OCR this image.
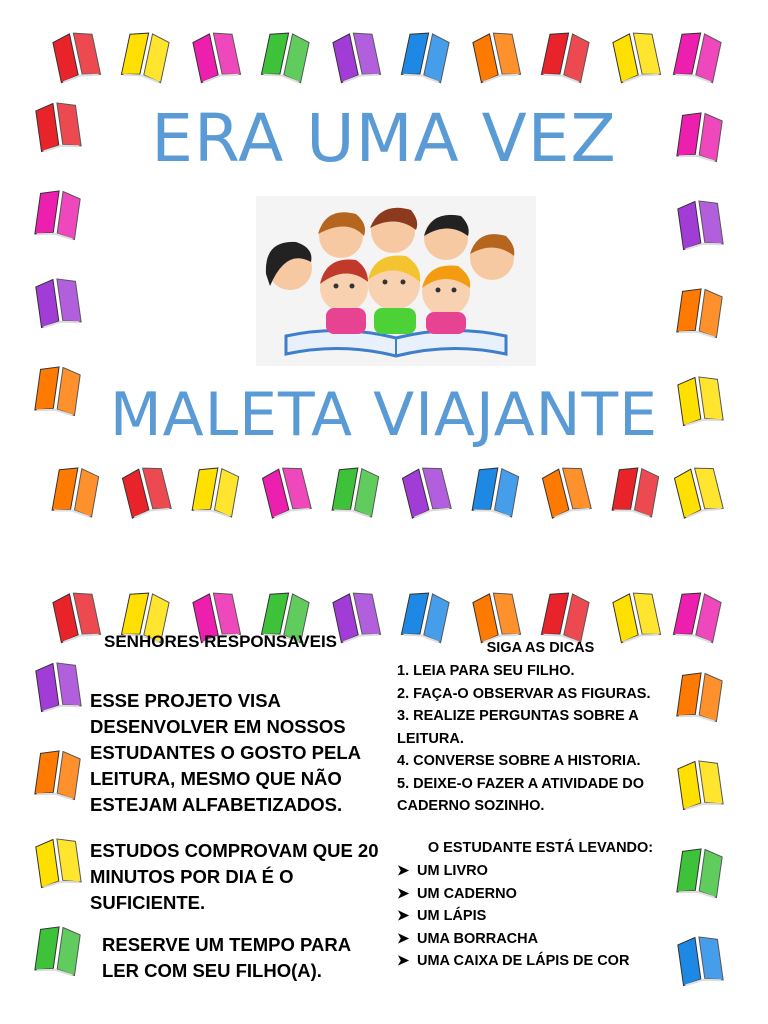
ERA UMA VEZ
MALETA VIAJANTE
SENHORES RESPONSAVEIS
ESSE PROJETO VISA DESENVOLVER EM NOSSOS ESTUDANTES O GOSTO PELA LEITURA, MESMO QUE NÃO ESTEJAM ALFABETIZADOS.
ESTUDOS COMPROVAM QUE 20 MINUTOS POR DIA É O SUFICIENTE.
RESERVE UM TEMPO PARA LER COM SEU FILHO(A).
SIGA AS DICAS
1. LEIA PARA SEU FILHO.
2. FAÇA-O OBSERVAR AS FIGURAS.
3. REALIZE PERGUNTAS SOBRE A LEITURA.
4. CONVERSE SOBRE A HISTORIA.
5. DEIXE-O FAZER A ATIVIDADE DO CADERNO SOZINHO.
O ESTUDANTE ESTÁ LEVANDO:
➤ UM LIVRO
➤ UM CADERNO
➤ UM LÁPIS
➤ UMA BORRACHA
➤ UMA CAIXA DE LÁPIS DE COR
